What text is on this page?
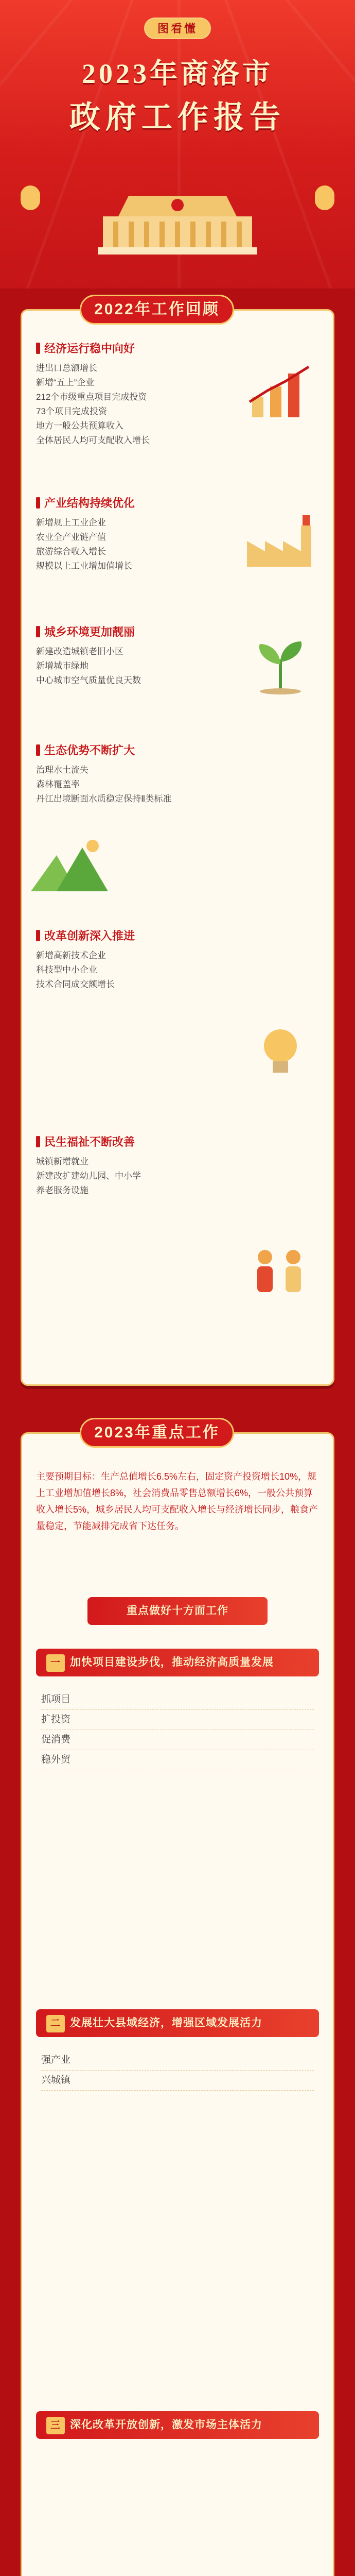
图看懂
2023年商洛市
政府工作报告
2022年工作回顾
经济运行稳中向好
进出口总额增长
新增“五上”企业
212个市级重点项目完成投资
73个项目完成投资
地方一般公共预算收入
全体居民人均可支配收入增长
产业结构持续优化
新增规上工业企业
农业全产业链产值
旅游综合收入增长
规模以上工业增加值增长
城乡环境更加靓丽
新建改造城镇老旧小区
新增城市绿地
中心城市空气质量优良天数
生态优势不断扩大
治理水土流失
森林覆盖率
丹江出境断面水质稳定保持Ⅱ类标准
改革创新深入推进
新增高新技术企业
科技型中小企业
技术合同成交额增长
民生福祉不断改善
城镇新增就业
新建改扩建幼儿园、中小学
养老服务设施
2023年重点工作
主要预期目标：生产总值增长6.5%左右，固定资产投资增长10%，规上工业增加值增长8%，社会消费品零售总额增长6%，一般公共预算收入增长5%，城乡居民人均可支配收入增长与经济增长同步，粮食产量稳定，节能减排完成省下达任务。
重点做好十方面工作
一 加快项目建设步伐，推动经济高质量发展
抓项目
扩投资
促消费
稳外贸
二 发展壮大县域经济，增强区域发展活力
强产业
兴城镇
三 深化改革开放创新，激发市场主体活力
